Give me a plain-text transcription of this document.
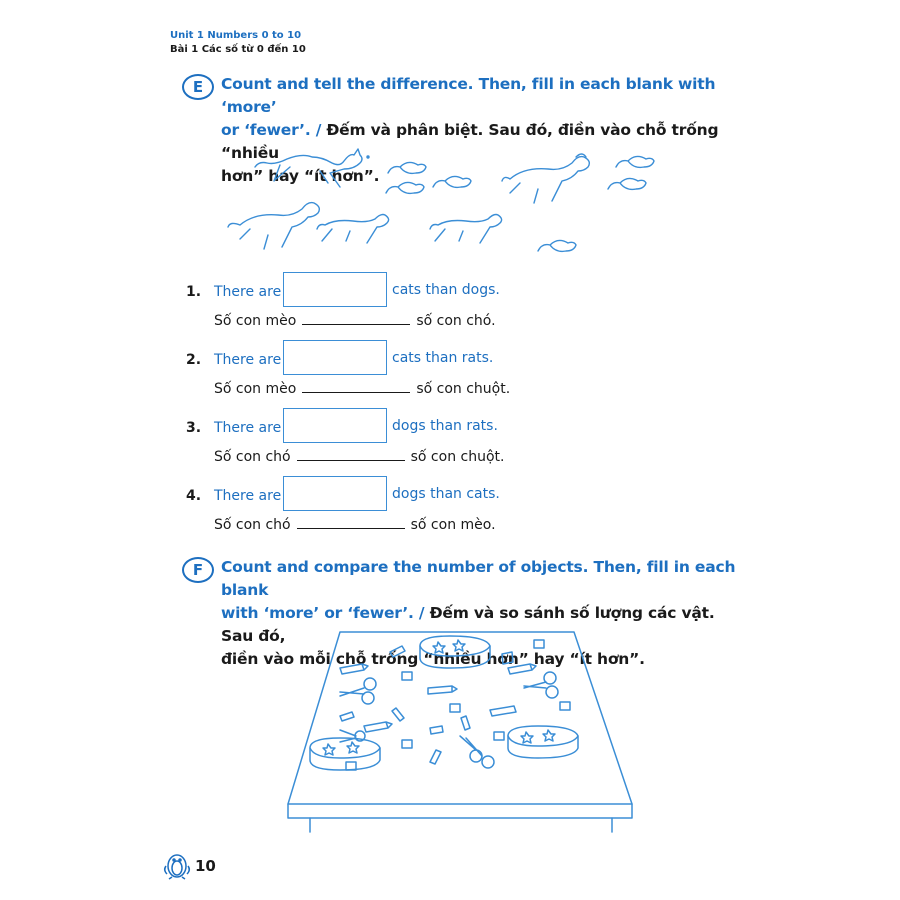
Unit 1 Numbers 0 to 10
Bài 1 Các số từ 0 đến 10
E	Count and tell the difference. Then, fill in each blank with ‘more’
or ‘fewer’. / Đếm và phân biệt. Sau đó, điền vào chỗ trống “nhiều
hơn” hay “ít hơn”.
1. There are	cats than dogs.
Số con mèo	số con chó.
2. There are	cats than rats.
Số con mèo	số con chuột.
3. There are	dogs than rats.
Số con chó	số con chuột.
4. There are	dogs than cats.
Số con chó	số con mèo.
F	Count and compare the number of objects. Then, fill in each blank
with ‘more’ or ‘fewer’. / Đếm và so sánh số lượng các vật. Sau đó,
điền vào mỗi chỗ trống “nhiều hơn” hay “ít hơn”.
10
